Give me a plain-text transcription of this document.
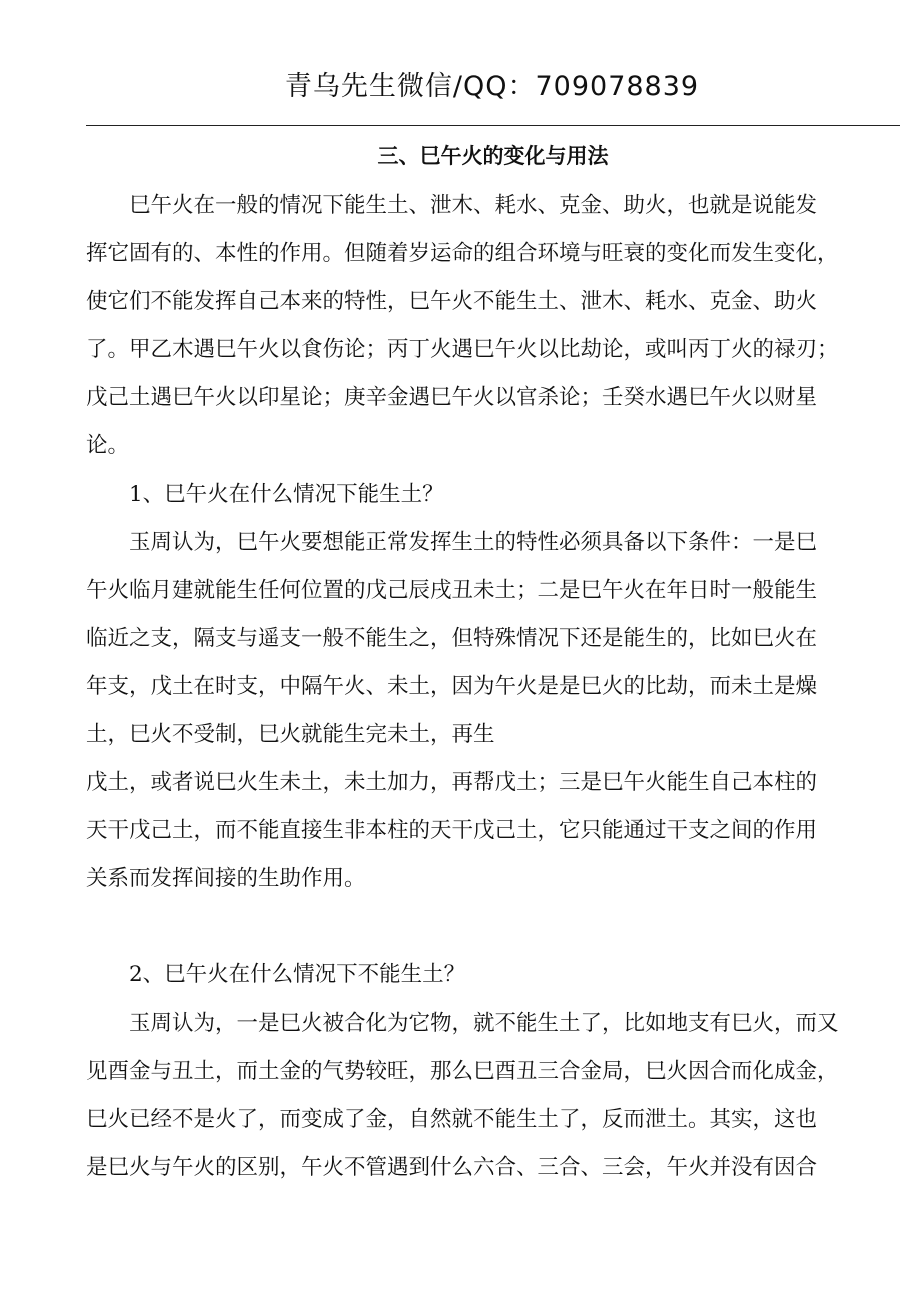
青乌先生微信/QQ：709078839
三、巳午火的变化与用法

巳午火在一般的情况下能生土、泄木、耗水、克金、助火，也就是说能发

挥它固有的、本性的作用。但随着岁运命的组合环境与旺衰的变化而发生变化，

使它们不能发挥自己本来的特性，巳午火不能生土、泄木、耗水、克金、助火

了。甲乙木遇巳午火以食伤论；丙丁火遇巳午火以比劫论，或叫丙丁火的禄刃；

戊己土遇巳午火以印星论；庚辛金遇巳午火以官杀论；壬癸水遇巳午火以财星

论。

1、巳午火在什么情况下能生土？

玉周认为，巳午火要想能正常发挥生土的特性必须具备以下条件：一是巳

午火临月建就能生任何位置的戊己辰戌丑未土；二是巳午火在年日时一般能生

临近之支，隔支与遥支一般不能生之，但特殊情况下还是能生的，比如巳火在

年支，戊土在时支，中隔午火、未土，因为午火是是巳火的比劫，而未土是燥

土，巳火不受制，巳火就能生完未土，再生

戊土，或者说巳火生未土，未土加力，再帮戊土；三是巳午火能生自己本柱的

天干戊己土，而不能直接生非本柱的天干戊己土，它只能通过干支之间的作用

关系而发挥间接的生助作用。

2、巳午火在什么情况下不能生土？

玉周认为，一是巳火被合化为它物，就不能生土了，比如地支有巳火，而又

见酉金与丑土，而土金的气势较旺，那么巳酉丑三合金局，巳火因合而化成金，

巳火已经不是火了，而变成了金，自然就不能生土了，反而泄土。其实，这也

是巳火与午火的区别，午火不管遇到什么六合、三合、三会，午火并没有因合
